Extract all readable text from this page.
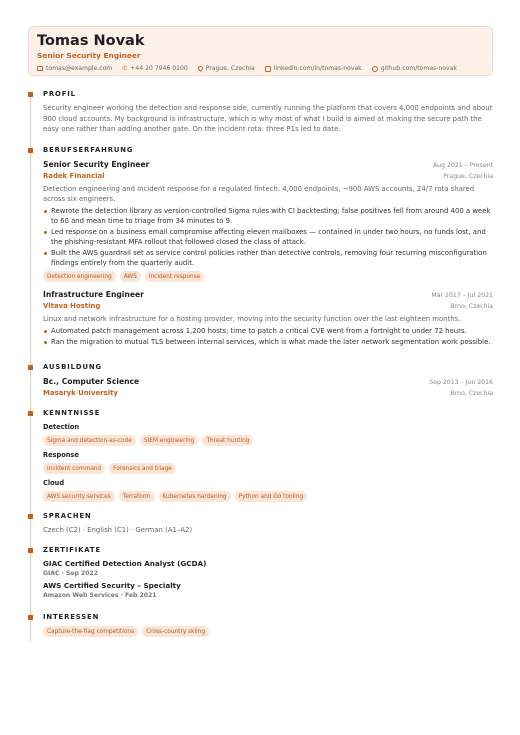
Tomas Novak
Senior Security Engineer
tomas@example.com ✆ +44 20 7946 0100	Prague, Czechia	linkedin.com/in/tomas-novak	github.com/tomas-novak
PROFIL
Security engineer working the detection and response side, currently running the platform that covers 4,000 endpoints and about 900 cloud accounts. My background is infrastructure, which is why most of what I build is aimed at making the secure path the easy one rather than adding another gate. On the incident rota: three P1s led to date.
BERUFSERFAHRUNG
Senior Security Engineer	Aug 2021 – Present
Radek Financial	Prague, Czechia
Detection engineering and incident response for a regulated fintech: 4,000 endpoints, ~900 AWS accounts, 24/7 rota shared across six engineers.
Rewrote the detection library as version-controlled Sigma rules with CI backtesting; false positives fell from around 400 a week to 60 and mean time to triage from 34 minutes to 9.
Led response on a business email compromise affecting eleven mailboxes — contained in under two hours, no funds lost, and the phishing-resistant MFA rollout that followed closed the class of attack.
Built the AWS guardrail set as service control policies rather than detective controls, removing four recurring misconfiguration findings entirely from the quarterly audit.
Detection engineering	AWS	Incident response
Infrastructure Engineer	Mar 2017 – Jul 2021
Vltava Hosting	Brno, Czechia
Linux and network infrastructure for a hosting provider, moving into the security function over the last eighteen months.
Automated patch management across 1,200 hosts; time to patch a critical CVE went from a fortnight to under 72 hours.
Ran the migration to mutual TLS between internal services, which is what made the later network segmentation work possible.
AUSBILDUNG
Bc., Computer Science	Sep 2013 – Jun 2016
Masaryk University	Brno, Czechia
KENNTNISSE
Detection
Sigma and detection-as-code	SIEM engineering	Threat hunting
Response
Incident command	Forensics and triage
Cloud
AWS security services	Terraform	Kubernetes hardening	Python and Go tooling
SPRACHEN
Czech (C2) · English (C1) · German (A1–A2)
ZERTIFIKATE
GIAC Certified Detection Analyst (GCDA)
GIAC · Sep 2022
AWS Certified Security – Specialty
Amazon Web Services · Feb 2021
INTERESSEN
Capture-the-flag competitions	Cross-country skiing
